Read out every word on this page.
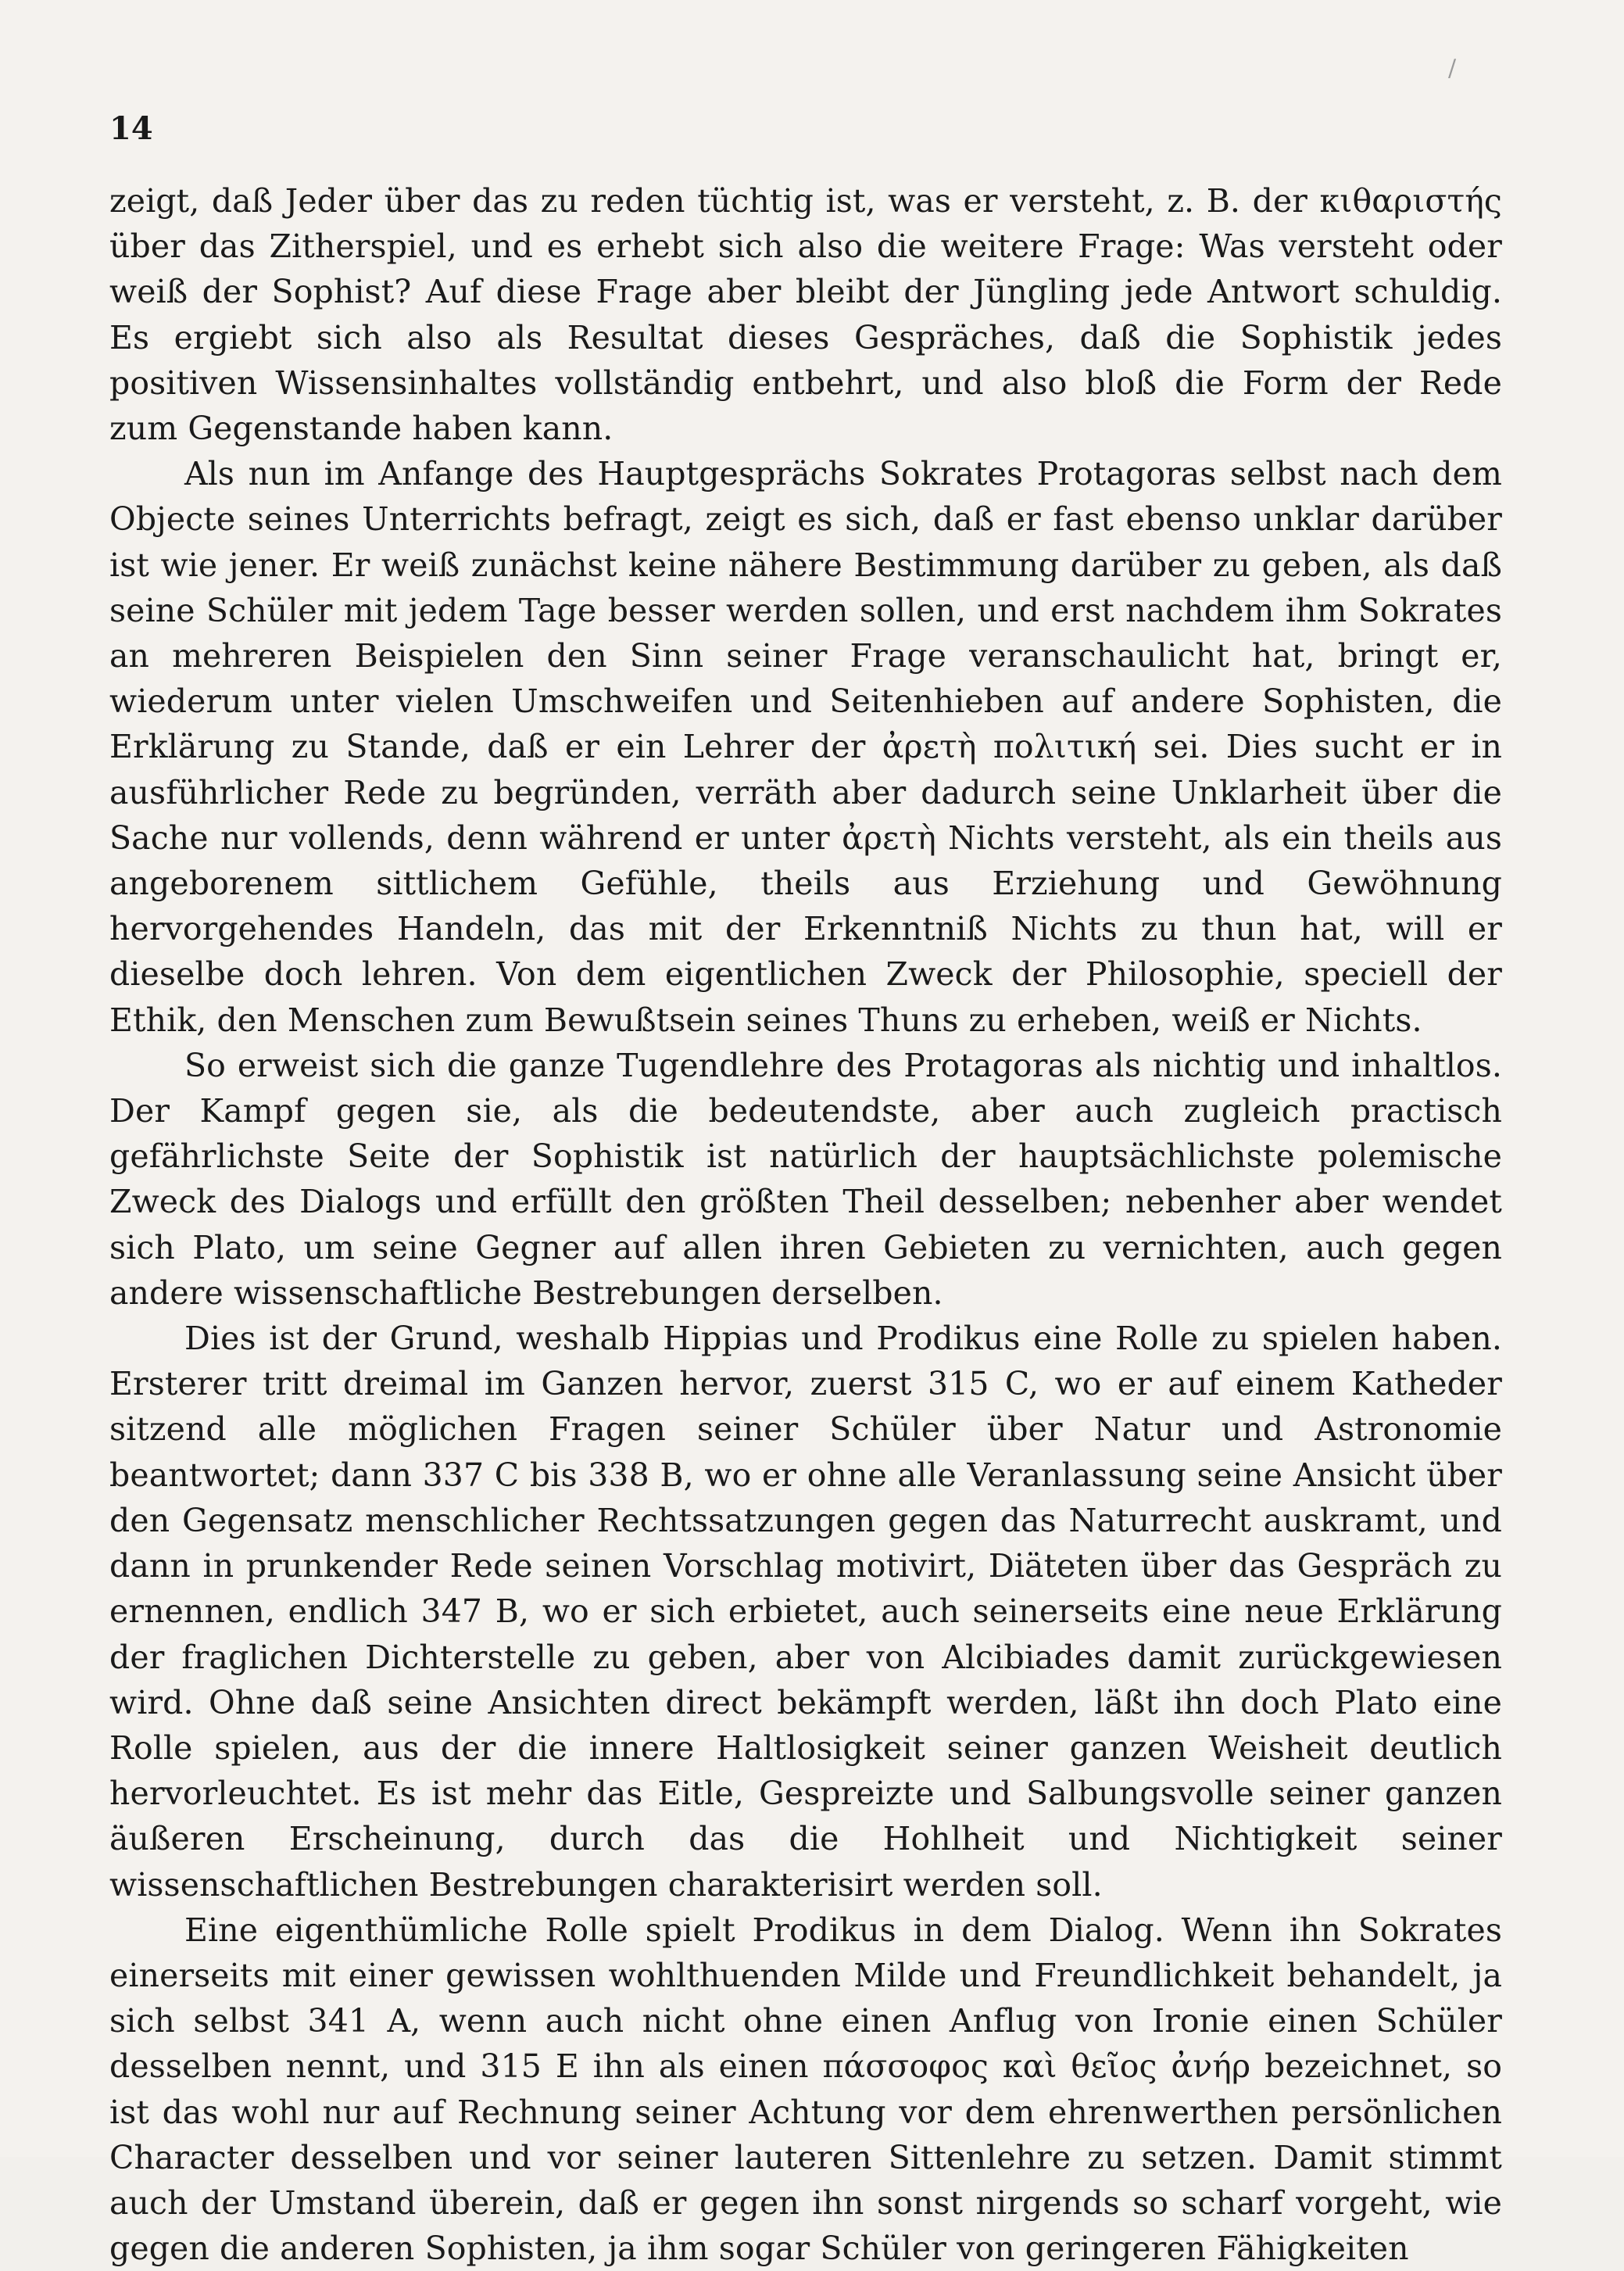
/
14

zeigt, daß Jeder über das zu reden tüchtig ist, was er versteht, z. B. der κιθαριστής über das Zitherspiel, und es erhebt sich also die weitere Frage: Was versteht oder weiß der Sophist? Auf diese Frage aber bleibt der Jüngling jede Antwort schuldig. Es ergiebt sich also als Resultat dieses Gespräches, daß die Sophistik jedes positiven Wissensinhaltes vollständig entbehrt, und also bloß die Form der Rede zum Gegenstande haben kann.

Als nun im Anfange des Hauptgesprächs Sokrates Protagoras selbst nach dem Objecte seines Unterrichts befragt, zeigt es sich, daß er fast ebenso unklar darüber ist wie jener. Er weiß zunächst keine nähere Bestimmung darüber zu geben, als daß seine Schüler mit jedem Tage besser werden sollen, und erst nachdem ihm Sokrates an mehreren Beispielen den Sinn seiner Frage veranschaulicht hat, bringt er, wiederum unter vielen Umschweifen und Seitenhieben auf andere Sophisten, die Erklärung zu Stande, daß er ein Lehrer der ἀρετὴ πολιτική sei. Dies sucht er in ausführlicher Rede zu begründen, verräth aber dadurch seine Unklarheit über die Sache nur vollends, denn während er unter ἀρετὴ Nichts versteht, als ein theils aus angeborenem sittlichem Gefühle, theils aus Erziehung und Gewöhnung hervorgehendes Handeln, das mit der Erkenntniß Nichts zu thun hat, will er dieselbe doch lehren. Von dem eigentlichen Zweck der Philosophie, speciell der Ethik, den Menschen zum Bewußtsein seines Thuns zu erheben, weiß er Nichts.

So erweist sich die ganze Tugendlehre des Protagoras als nichtig und inhaltlos. Der Kampf gegen sie, als die bedeutendste, aber auch zugleich practisch gefährlichste Seite der Sophistik ist natürlich der hauptsächlichste polemische Zweck des Dialogs und erfüllt den größten Theil desselben; nebenher aber wendet sich Plato, um seine Gegner auf allen ihren Gebieten zu vernichten, auch gegen andere wissenschaftliche Bestrebungen derselben.

Dies ist der Grund, weshalb Hippias und Prodikus eine Rolle zu spielen haben. Ersterer tritt dreimal im Ganzen hervor, zuerst 315 C, wo er auf einem Katheder sitzend alle möglichen Fragen seiner Schüler über Natur und Astronomie beantwortet; dann 337 C bis 338 B, wo er ohne alle Veranlassung seine Ansicht über den Gegensatz menschlicher Rechtssatzungen gegen das Naturrecht auskramt, und dann in prunkender Rede seinen Vorschlag motivirt, Diäteten über das Gespräch zu ernennen, endlich 347 B, wo er sich erbietet, auch seinerseits eine neue Erklärung der fraglichen Dichterstelle zu geben, aber von Alcibiades damit zurückgewiesen wird. Ohne daß seine Ansichten direct bekämpft werden, läßt ihn doch Plato eine Rolle spielen, aus der die innere Haltlosigkeit seiner ganzen Weisheit deutlich hervorleuchtet. Es ist mehr das Eitle, Gespreizte und Salbungsvolle seiner ganzen äußeren Erscheinung, durch das die Hohlheit und Nichtigkeit seiner wissenschaftlichen Bestrebungen charakterisirt werden soll.

Eine eigenthümliche Rolle spielt Prodikus in dem Dialog. Wenn ihn Sokrates einerseits mit einer gewissen wohlthuenden Milde und Freundlichkeit behandelt, ja sich selbst 341 A, wenn auch nicht ohne einen Anflug von Ironie einen Schüler desselben nennt, und 315 E ihn als einen πάσσοφος καὶ θεῖος ἀνήρ bezeichnet, so ist das wohl nur auf Rechnung seiner Achtung vor dem ehrenwerthen persönlichen Character desselben und vor seiner lauteren Sittenlehre zu setzen. Damit stimmt auch der Umstand überein, daß er gegen ihn sonst nirgends so scharf vorgeht, wie gegen die anderen Sophisten, ja ihm sogar Schüler von geringeren Fähigkeiten
